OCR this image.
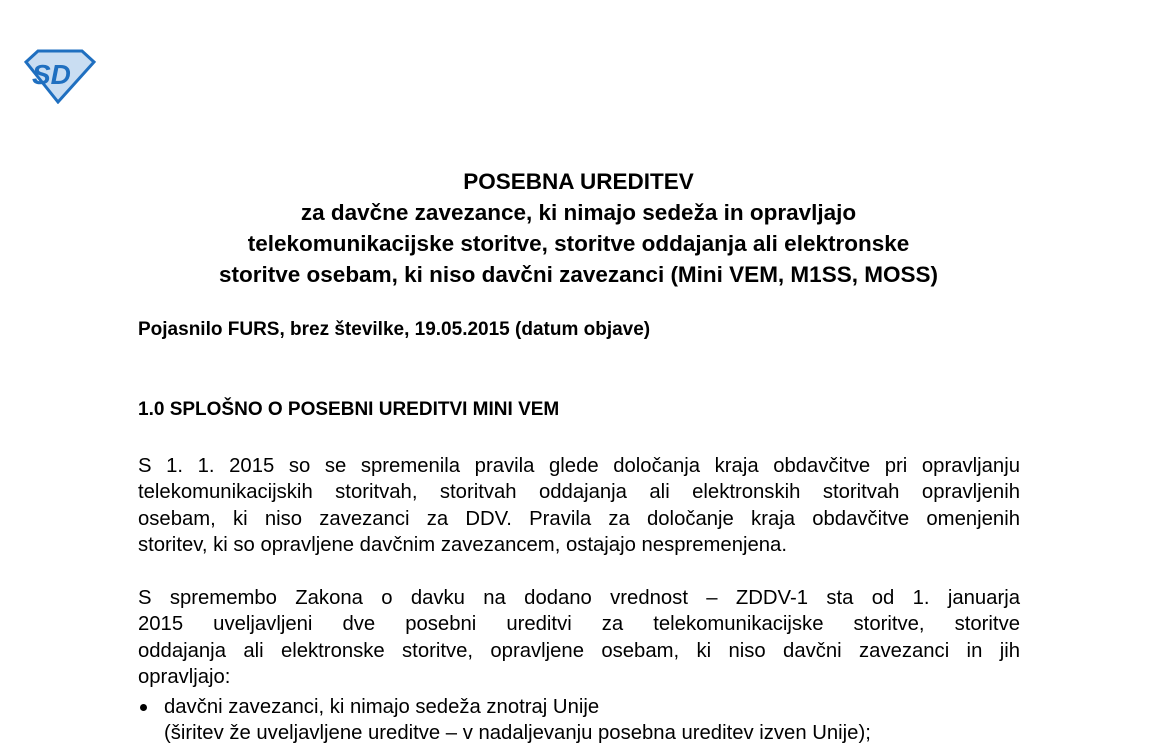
SD
POSEBNA UREDITEV
za davčne zavezance, ki nimajo sedeža in opravljajo
telekomunikacijske storitve, storitve oddajanja ali elektronske
storitve osebam, ki niso davčni zavezanci (Mini VEM, M1SS, MOSS)
Pojasnilo FURS, brez številke, 19.05.2015 (datum objave)
1.0 SPLOŠNO O POSEBNI UREDITVI MINI VEM
S 1. 1. 2015 so se spremenila pravila glede določanja kraja obdavčitve pri opravljanju
telekomunikacijskih storitvah, storitvah oddajanja ali elektronskih storitvah opravljenih
osebam, ki niso zavezanci za DDV. Pravila za določanje kraja obdavčitve omenjenih
storitev, ki so opravljene davčnim zavezancem, ostajajo nespremenjena.
S spremembo Zakona o davku na dodano vrednost – ZDDV-1 sta od 1. januarja
2015 uveljavljeni dve posebni ureditvi za telekomunikacijske storitve, storitve
oddajanja ali elektronske storitve, opravljene osebam, ki niso davčni zavezanci in jih
opravljajo:
davčni zavezanci, ki nimajo sedeža znotraj Unije
(širitev že uveljavljene ureditve – v nadaljevanju posebna ureditev izven Unije);
